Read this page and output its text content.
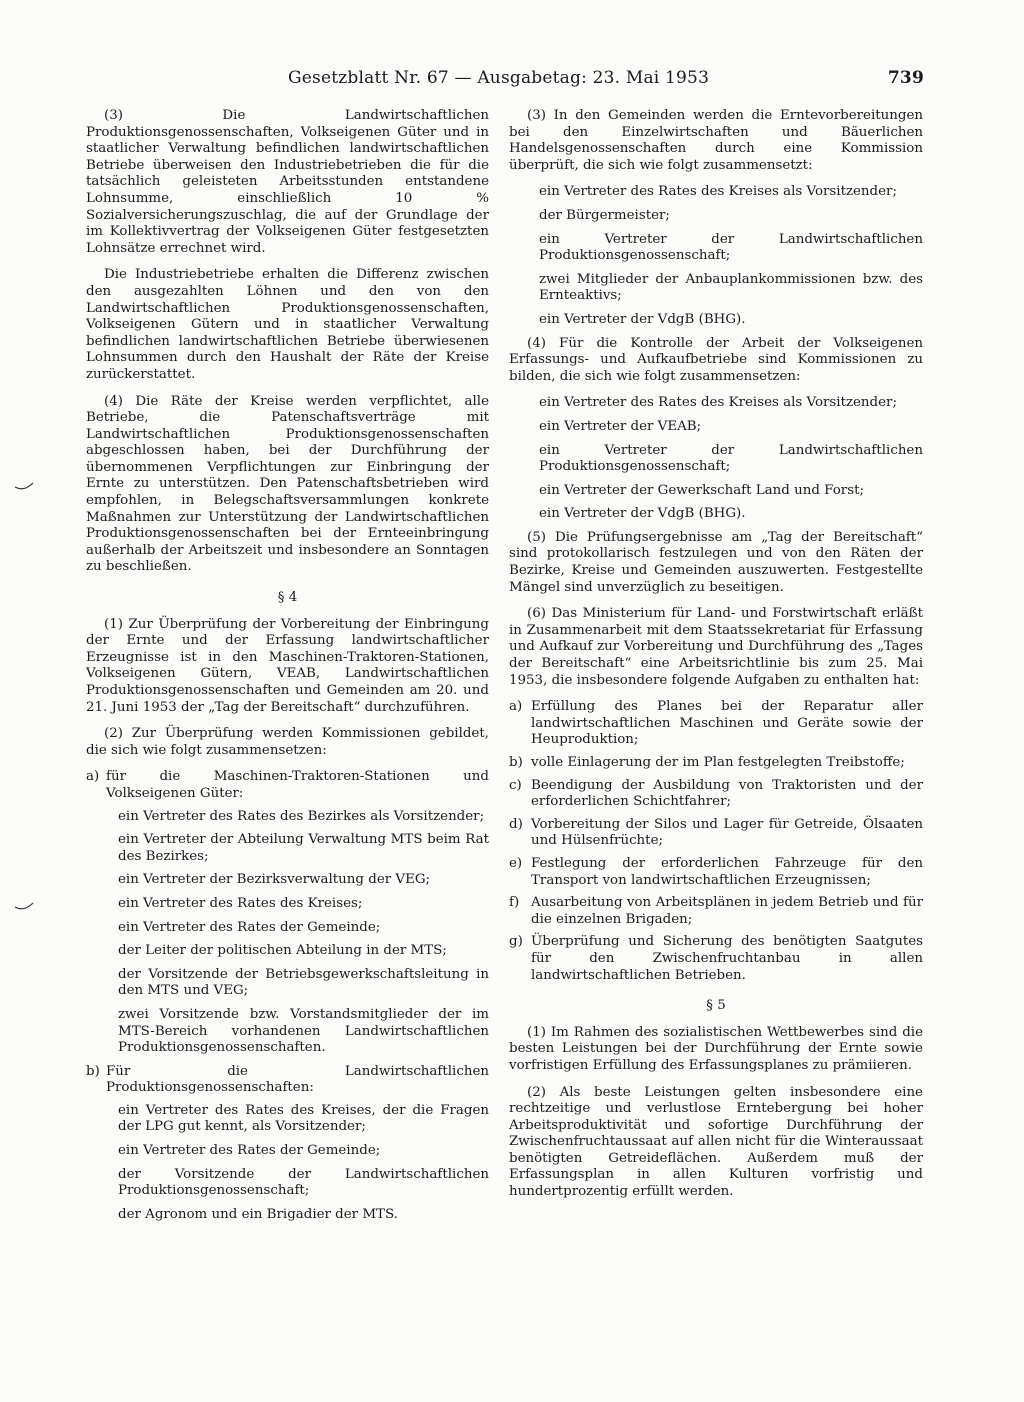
Gesetzblatt Nr. 67 — Ausgabetag: 23. Mai 1953	739

(3) Die Landwirtschaftlichen Produktionsgenossenschaften, Volkseigenen Güter und in staatlicher Verwaltung befindlichen landwirtschaftlichen Betriebe überweisen den Industriebetrieben die für die tatsächlich geleisteten Arbeitsstunden entstandene Lohnsumme, einschließlich 10 % Sozialversicherungszuschlag, die auf der Grundlage der im Kollektivvertrag der Volkseigenen Güter festgesetzten Lohnsätze errechnet wird.

Die Industriebetriebe erhalten die Differenz zwischen den ausgezahlten Löhnen und den von den Landwirtschaftlichen Produktionsgenossenschaften, Volkseigenen Gütern und in staatlicher Verwaltung befindlichen landwirtschaftlichen Betriebe überwiesenen Lohnsummen durch den Haushalt der Räte der Kreise zurückerstattet.

(4) Die Räte der Kreise werden verpflichtet, alle Betriebe, die Patenschaftsverträge mit Landwirtschaftlichen Produktionsgenossenschaften abgeschlossen haben, bei der Durchführung der übernommenen Verpflichtungen zur Einbringung der Ernte zu unterstützen. Den Patenschaftsbetrieben wird empfohlen, in Belegschaftsversammlungen konkrete Maßnahmen zur Unterstützung der Landwirtschaftlichen Produktionsgenossenschaften bei der Ernteeinbringung außerhalb der Arbeitszeit und insbesondere an Sonntagen zu beschließen.

§ 4

(1) Zur Überprüfung der Vorbereitung der Einbringung der Ernte und der Erfassung landwirtschaftlicher Erzeugnisse ist in den Maschinen-Traktoren-Stationen, Volkseigenen Gütern, VEAB, Landwirtschaftlichen Produktionsgenossenschaften und Gemeinden am 20. und 21. Juni 1953 der „Tag der Bereitschaft“ durchzuführen.

(2) Zur Überprüfung werden Kommissionen gebildet, die sich wie folgt zusammensetzen:

a) für die Maschinen-Traktoren-Stationen und Volkseigenen Güter:

ein Vertreter des Rates des Bezirkes als Vorsitzender;

ein Vertreter der Abteilung Verwaltung MTS beim Rat des Bezirkes;

ein Vertreter der Bezirksverwaltung der VEG;

ein Vertreter des Rates des Kreises;

ein Vertreter des Rates der Gemeinde;

der Leiter der politischen Abteilung in der MTS;

der Vorsitzende der Betriebsgewerkschaftsleitung in den MTS und VEG;

zwei Vorsitzende bzw. Vorstandsmitglieder der im MTS-Bereich vorhandenen Landwirtschaftlichen Produktionsgenossenschaften.

b) Für die Landwirtschaftlichen Produktionsgenossenschaften:

ein Vertreter des Rates des Kreises, der die Fragen der LPG gut kennt, als Vorsitzender;

ein Vertreter des Rates der Gemeinde;

der Vorsitzende der Landwirtschaftlichen Produktionsgenossenschaft;

der Agronom und ein Brigadier der MTS.

(3) In den Gemeinden werden die Erntevorbereitungen bei den Einzelwirtschaften und Bäuerlichen Handelsgenossenschaften durch eine Kommission überprüft, die sich wie folgt zusammensetzt:

ein Vertreter des Rates des Kreises als Vorsitzender;

der Bürgermeister;

ein Vertreter der Landwirtschaftlichen Produktionsgenossenschaft;

zwei Mitglieder der Anbauplankommissionen bzw. des Ernteaktivs;

ein Vertreter der VdgB (BHG).

(4) Für die Kontrolle der Arbeit der Volkseigenen Erfassungs- und Aufkaufbetriebe sind Kommissionen zu bilden, die sich wie folgt zusammensetzen:

ein Vertreter des Rates des Kreises als Vorsitzender;

ein Vertreter der VEAB;

ein Vertreter der Landwirtschaftlichen Produktionsgenossenschaft;

ein Vertreter der Gewerkschaft Land und Forst;

ein Vertreter der VdgB (BHG).

(5) Die Prüfungsergebnisse am „Tag der Bereitschaft“ sind protokollarisch festzulegen und von den Räten der Bezirke, Kreise und Gemeinden auszuwerten. Festgestellte Mängel sind unverzüglich zu beseitigen.

(6) Das Ministerium für Land- und Forstwirtschaft erläßt in Zusammenarbeit mit dem Staatssekretariat für Erfassung und Aufkauf zur Vorbereitung und Durchführung des „Tages der Bereitschaft“ eine Arbeitsrichtlinie bis zum 25. Mai 1953, die insbesondere folgende Aufgaben zu enthalten hat:

a) Erfüllung des Planes bei der Reparatur aller landwirtschaftlichen Maschinen und Geräte sowie der Heuproduktion;
b) volle Einlagerung der im Plan festgelegten Treibstoffe;
c) Beendigung der Ausbildung von Traktoristen und der erforderlichen Schichtfahrer;
d) Vorbereitung der Silos und Lager für Getreide, Ölsaaten und Hülsenfrüchte;
e) Festlegung der erforderlichen Fahrzeuge für den Transport von landwirtschaftlichen Erzeugnissen;
f) Ausarbeitung von Arbeitsplänen in jedem Betrieb und für die einzelnen Brigaden;
g) Überprüfung und Sicherung des benötigten Saatgutes für den Zwischenfruchtanbau in allen landwirtschaftlichen Betrieben.

§ 5

(1) Im Rahmen des sozialistischen Wettbewerbes sind die besten Leistungen bei der Durchführung der Ernte sowie vorfristigen Erfüllung des Erfassungsplanes zu prämiieren.

(2) Als beste Leistungen gelten insbesondere eine rechtzeitige und verlustlose Erntebergung bei hoher Arbeitsproduktivität und sofortige Durchführung der Zwischenfruchtaussaat auf allen nicht für die Winteraussaat benötigten Getreideflächen. Außerdem muß der Erfassungsplan in allen Kulturen vorfristig und hundertprozentig erfüllt werden.
